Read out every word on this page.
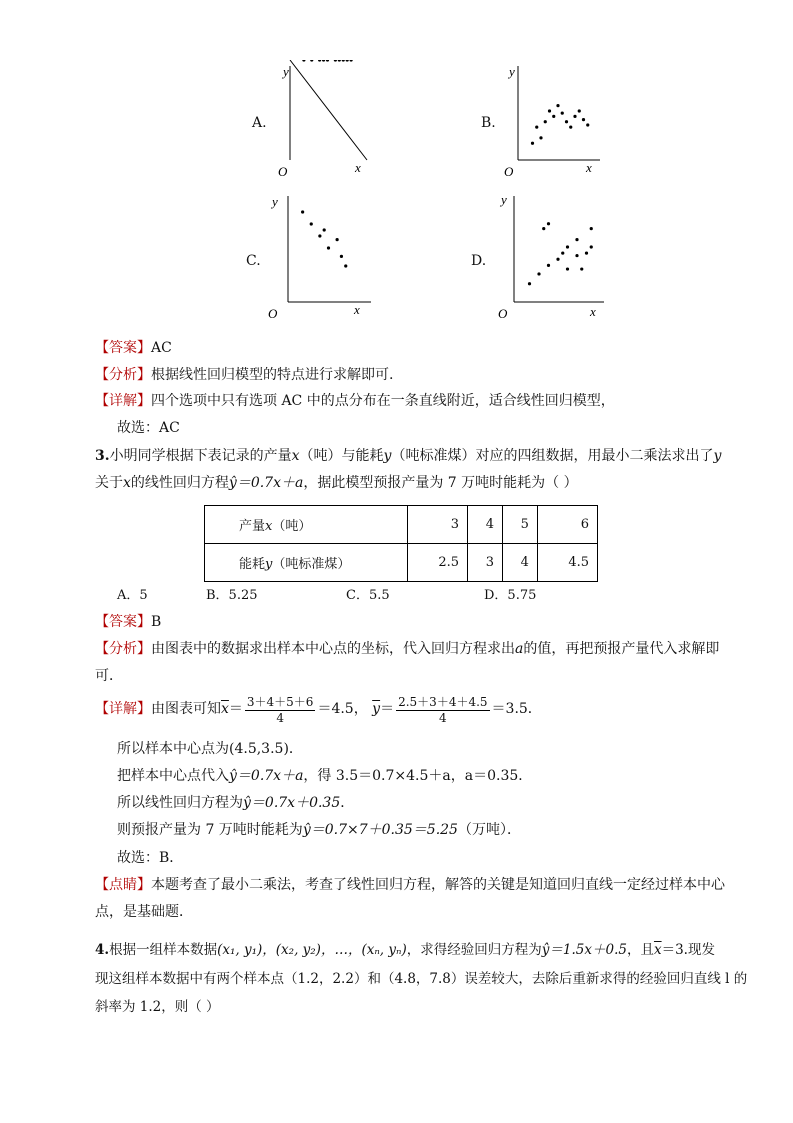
A.
y
x
O
B.
y
x
O
C.
y
x
O
D.
y
x
O
【答案】AC
【分析】根据线性回归模型的特点进行求解即可.
【详解】四个选项中只有选项 AC 中的点分布在一条直线附近，适合线性回归模型，
故选：AC
3.小明同学根据下表记录的产量x（吨）与能耗y（吨标准煤）对应的四组数据，用最小二乘法求出了y
关于x的线性回归方程ŷ＝0.7x＋a，据此模型预报产量为 7 万吨时能耗为（ ）
产量x（吨）	3	4	5	6
能耗y（吨标准煤）	2.5	3	4	4.5
A．5	B．5.25	C．5.5	D．5.75
【答案】B
【分析】由图表中的数据求出样本中心点的坐标，代入回归方程求出a的值，再把预报产量代入求解即
可．
【详解】由图表可知$\overline{x}= \frac{3+4+5+6}{4} =4.5$， $\overline{y}= \frac{2.5+3+4+4.5}{4} =3.5$．
所以样本中心点为(4.5,3.5)．
把样本中心点代入ŷ＝0.7x＋a，得 3.5＝0.7×4.5＋a，a＝0.35．
所以线性回归方程为ŷ＝0.7x＋0.35．
则预报产量为 7 万吨时能耗为ŷ＝0.7×7＋0.35＝5.25（万吨）．
故选：B．
【点睛】本题考查了最小二乘法，考查了线性回归方程，解答的关键是知道回归直线一定经过样本中心
点，是基础题．
4.根据一组样本数据(x₁, y₁)，(x₂, y₂)，…，(xₙ, yₙ)，求得经验回归方程为ŷ＝1.5x＋0.5，且$\overline{x}=3$.现发
现这组样本数据中有两个样本点（1.2，2.2）和（4.8，7.8）误差较大，去除后重新求得的经验回归直线 l 的
斜率为 1.2，则（ ）
